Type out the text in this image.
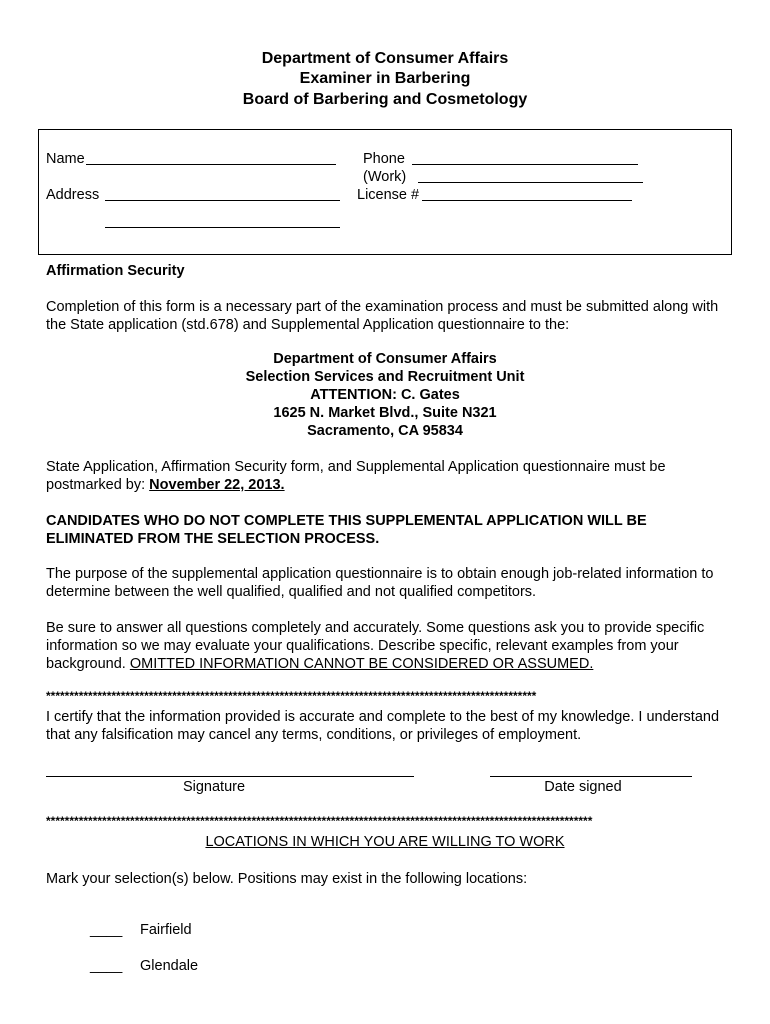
Department of Consumer Affairs
Examiner in Barbering
Board of Barbering and Cosmetology
Name
Address
Phone
(Work)
License #
Affirmation Security
Completion of this form is a necessary part of the examination process and must be submitted along with the State application (std.678) and Supplemental Application questionnaire to the:
Department of Consumer Affairs
Selection Services and Recruitment Unit
ATTENTION: C. Gates
1625 N. Market Blvd., Suite N321
Sacramento, CA 95834
State Application, Affirmation Security form, and Supplemental Application questionnaire must be postmarked by: November 22, 2013.
CANDIDATES WHO DO NOT COMPLETE THIS SUPPLEMENTAL APPLICATION WILL BE ELIMINATED FROM THE SELECTION PROCESS.
The purpose of the supplemental application questionnaire is to obtain enough job-related information to determine between the well qualified, qualified and not qualified competitors.
Be sure to answer all questions completely and accurately. Some questions ask you to provide specific information so we may evaluate your qualifications. Describe specific, relevant examples from your background. OMITTED INFORMATION CANNOT BE CONSIDERED OR ASSUMED.
*********************************************************************************************************
I certify that the information provided is accurate and complete to the best of my knowledge. I understand that any falsification may cancel any terms, conditions, or privileges of employment.
Signature	Date signed
*********************************************************************************************************************
LOCATIONS IN WHICH YOU ARE WILLING TO WORK
Mark your selection(s) below. Positions may exist in the following locations:
____ Fairfield
____ Glendale
